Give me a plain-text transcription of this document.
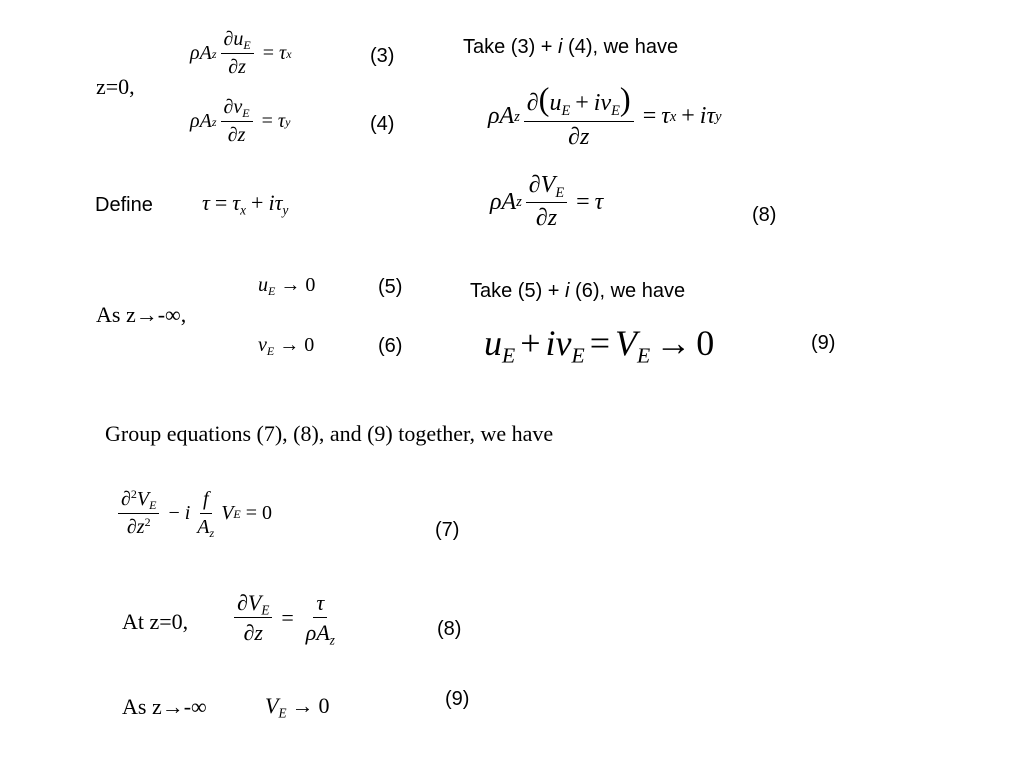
z=0,
ρA z $\frac{\partial u_E}{\partial z} = \tau$ x	(3)
ρA z $\frac{\partial v_E}{\partial z} = \tau$ y	(4)
Define $\tau = \tau_x + i\tau_y$
As z→-∞,
$u_E \to 0$	(5)
$v_E \to 0$	(6)
Take (3) + i (4), we have
ρA z $\frac{\partial(u_E + iv_E)}{\partial z} = \tau$ x + iτ y
ρA z $\frac{\partial V_E}{\partial z} = \tau$
(8)
Take (5) + i (6), we have
$u_E + iv_E = V_E \to 0$	(9)
Group equations (7), (8), and (9) together, we have
$\frac{\partial^2V_E}{\partial z^2} - i \frac{f}{A_z}$ V E = 0
(7)
At z=0, $\frac{\partial V_E}{\partial z} = \frac{\tau}{\rho A_z}$	(8)
As z→-∞	$V_E \to 0$	(9)
